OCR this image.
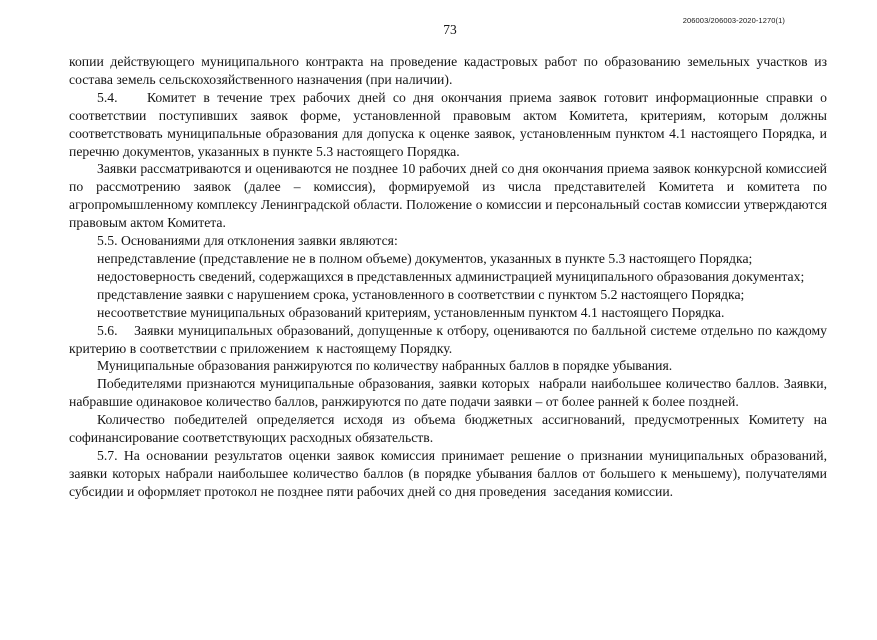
73
206003/206003-2020-1270(1)

копии действующего муниципального контракта на проведение кадастровых работ по образованию земельных участков из состава земель сельскохозяйственного назначения (при наличии).

5.4.    Комитет в течение трех рабочих дней со дня окончания приема заявок готовит информационные справки о соответствии поступивших заявок форме, установленной правовым актом Комитета, критериям, которым должны соответствовать муниципальные образования для допуска к оценке заявок, установленным пунктом 4.1 настоящего Порядка, и перечню документов, указанных в пункте 5.3 настоящего Порядка.

Заявки рассматриваются и оцениваются не позднее 10 рабочих дней со дня окончания приема заявок конкурсной комиссией по рассмотрению заявок (далее – комиссия), формируемой из числа представителей Комитета и комитета по агропромышленному комплексу Ленинградской области. Положение о комиссии и персональный состав комиссии утверждаются правовым актом Комитета.

5.5. Основаниями для отклонения заявки являются:

непредставление (представление не в полном объеме) документов, указанных в пункте 5.3 настоящего Порядка;

недостоверность сведений, содержащихся в представленных администрацией муниципального образования документах;

представление заявки с нарушением срока, установленного в соответствии с пунктом 5.2 настоящего Порядка;

несоответствие муниципальных образований критериям, установленным пунктом 4.1 настоящего Порядка.

5.6.    Заявки муниципальных образований, допущенные к отбору, оцениваются по балльной системе отдельно по каждому критерию в соответствии с приложением  к настоящему Порядку.

Муниципальные образования ранжируются по количеству набранных баллов в порядке убывания.

Победителями признаются муниципальные образования, заявки которых  набрали наибольшее количество баллов. Заявки, набравшие одинаковое количество баллов, ранжируются по дате подачи заявки – от более ранней к более поздней.

Количество победителей определяется исходя из объема бюджетных ассигнований, предусмотренных Комитету на софинансирование соответствующих расходных обязательств.

5.7. На основании результатов оценки заявок комиссия принимает решение о признании муниципальных образований, заявки которых набрали наибольшее количество баллов (в порядке убывания баллов от большего к меньшему), получателями субсидии и оформляет протокол не позднее пяти рабочих дней со дня проведения  заседания комиссии.
